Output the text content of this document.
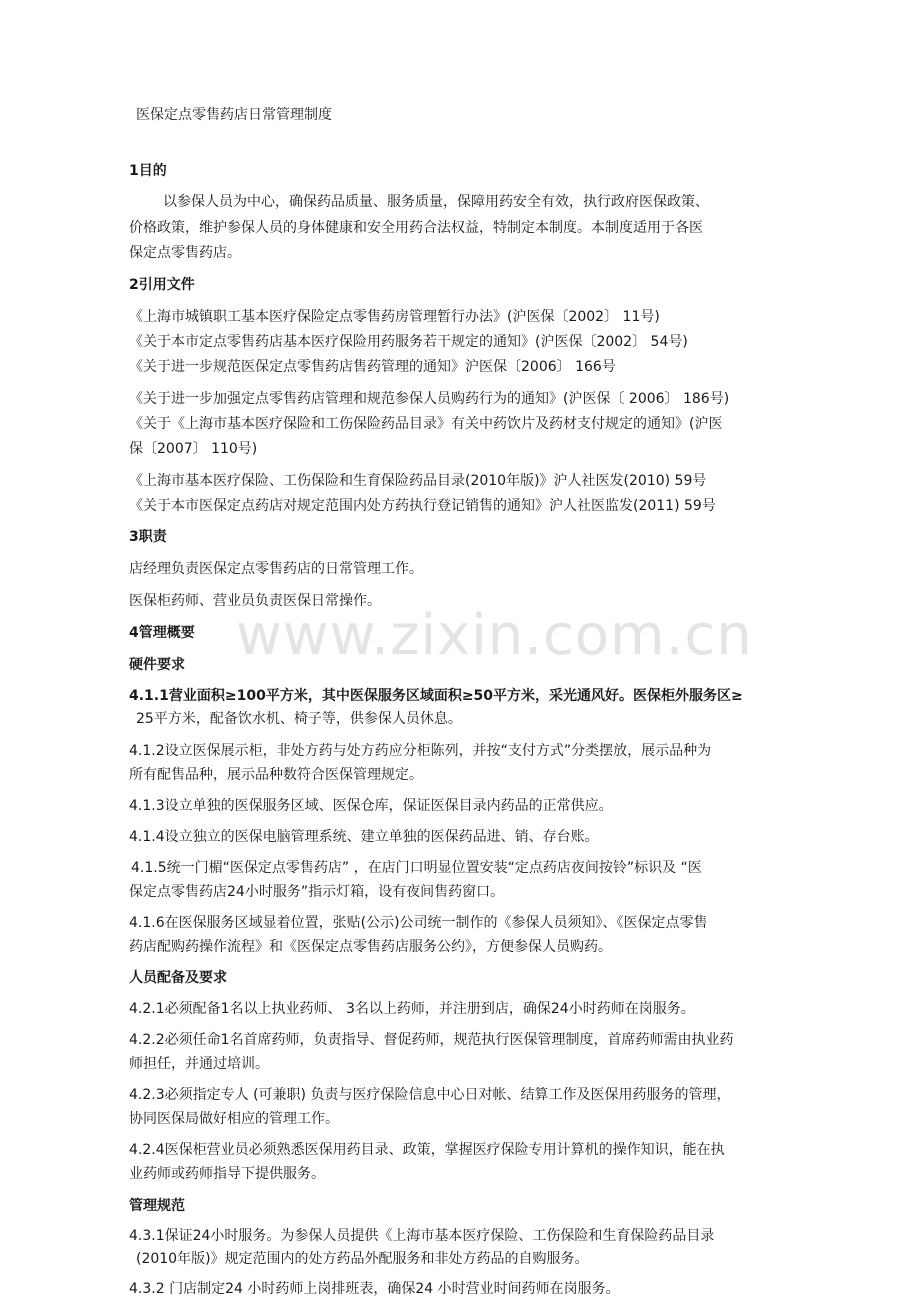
www.zixin.com.cn
医保定点零售药店日常管理制度
1目的
以参保人员为中心，确保药品质量、服务质量，保障用药安全有效，执行政府医保政策、
价格政策，维护参保人员的身体健康和安全用药合法权益，特制定本制度。本制度适用于各医
保定点零售药店。
2引用文件
《上海市城镇职工基本医疗保险定点零售药房管理暂行办法》(沪医保〔2002〕 11号)
《关于本市定点零售药店基本医疗保险用药服务若干规定的通知》(沪医保〔2002〕 54号)
《关于进一步规范医保定点零售药店售药管理的通知》沪医保〔2006〕 166号
《关于进一步加强定点零售药店管理和规范参保人员购药行为的通知》(沪医保〔 2006〕 186号)
《关于《上海市基本医疗保险和工伤保险药品目录》有关中药饮片及药材支付规定的通知》(沪医
保〔2007〕 110号)
《上海市基本医疗保险、工伤保险和生育保险药品目录(2010年版)》沪人社医发(2010) 59号
《关于本市医保定点药店对规定范围内处方药执行登记销售的通知》沪人社医监发(2011) 59号
3职责
店经理负责医保定点零售药店的日常管理工作。
医保柜药师、营业员负责医保日常操作。
4管理概要
硬件要求
4.1.1营业面积≥100平方米，其中医保服务区域面积≥50平方米，采光通风好。医保柜外服务区≥
25平方米，配备饮水机、椅子等，供参保人员休息。
4.1.2设立医保展示柜，非处方药与处方药应分柜陈列，并按“支付方式”分类摆放，展示品种为
所有配售品种，展示品种数符合医保管理规定。
4.1.3设立单独的医保服务区域、医保仓库，保证医保目录内药品的正常供应。
4.1.4设立独立的医保电脑管理系统、建立单独的医保药品进、销、存台账。
4.1.5统一门楣“医保定点零售药店” ，在店门口明显位置安装“定点药店夜间按铃”标识及 “医
保定点零售药店24小时服务”指示灯箱，设有夜间售药窗口。
4.1.6在医保服务区域显着位置，张贴(公示)公司统一制作的《参保人员须知》、《医保定点零售
药店配购药操作流程》和《医保定点零售药店服务公约》，方便参保人员购药。
人员配备及要求
4.2.1必须配备1名以上执业药师、 3名以上药师，并注册到店，确保24小时药师在岗服务。
4.2.2必须任命1名首席药师，负责指导、督促药师，规范执行医保管理制度，首席药师需由执业药
师担任，并通过培训。
4.2.3必须指定专人 (可兼职) 负责与医疗保险信息中心日对帐、结算工作及医保用药服务的管理，
协同医保局做好相应的管理工作。
4.2.4医保柜营业员必须熟悉医保用药目录、政策，掌握医疗保险专用计算机的操作知识，能在执
业药师或药师指导下提供服务。
管理规范
4.3.1保证24小时服务。为参保人员提供《上海市基本医疗保险、工伤保险和生育保险药品目录
(2010年版)》规定范围内的处方药品外配服务和非处方药品的自购服务。
4.3.2 门店制定24 小时药师上岗排班表，确保24 小时营业时间药师在岗服务。
